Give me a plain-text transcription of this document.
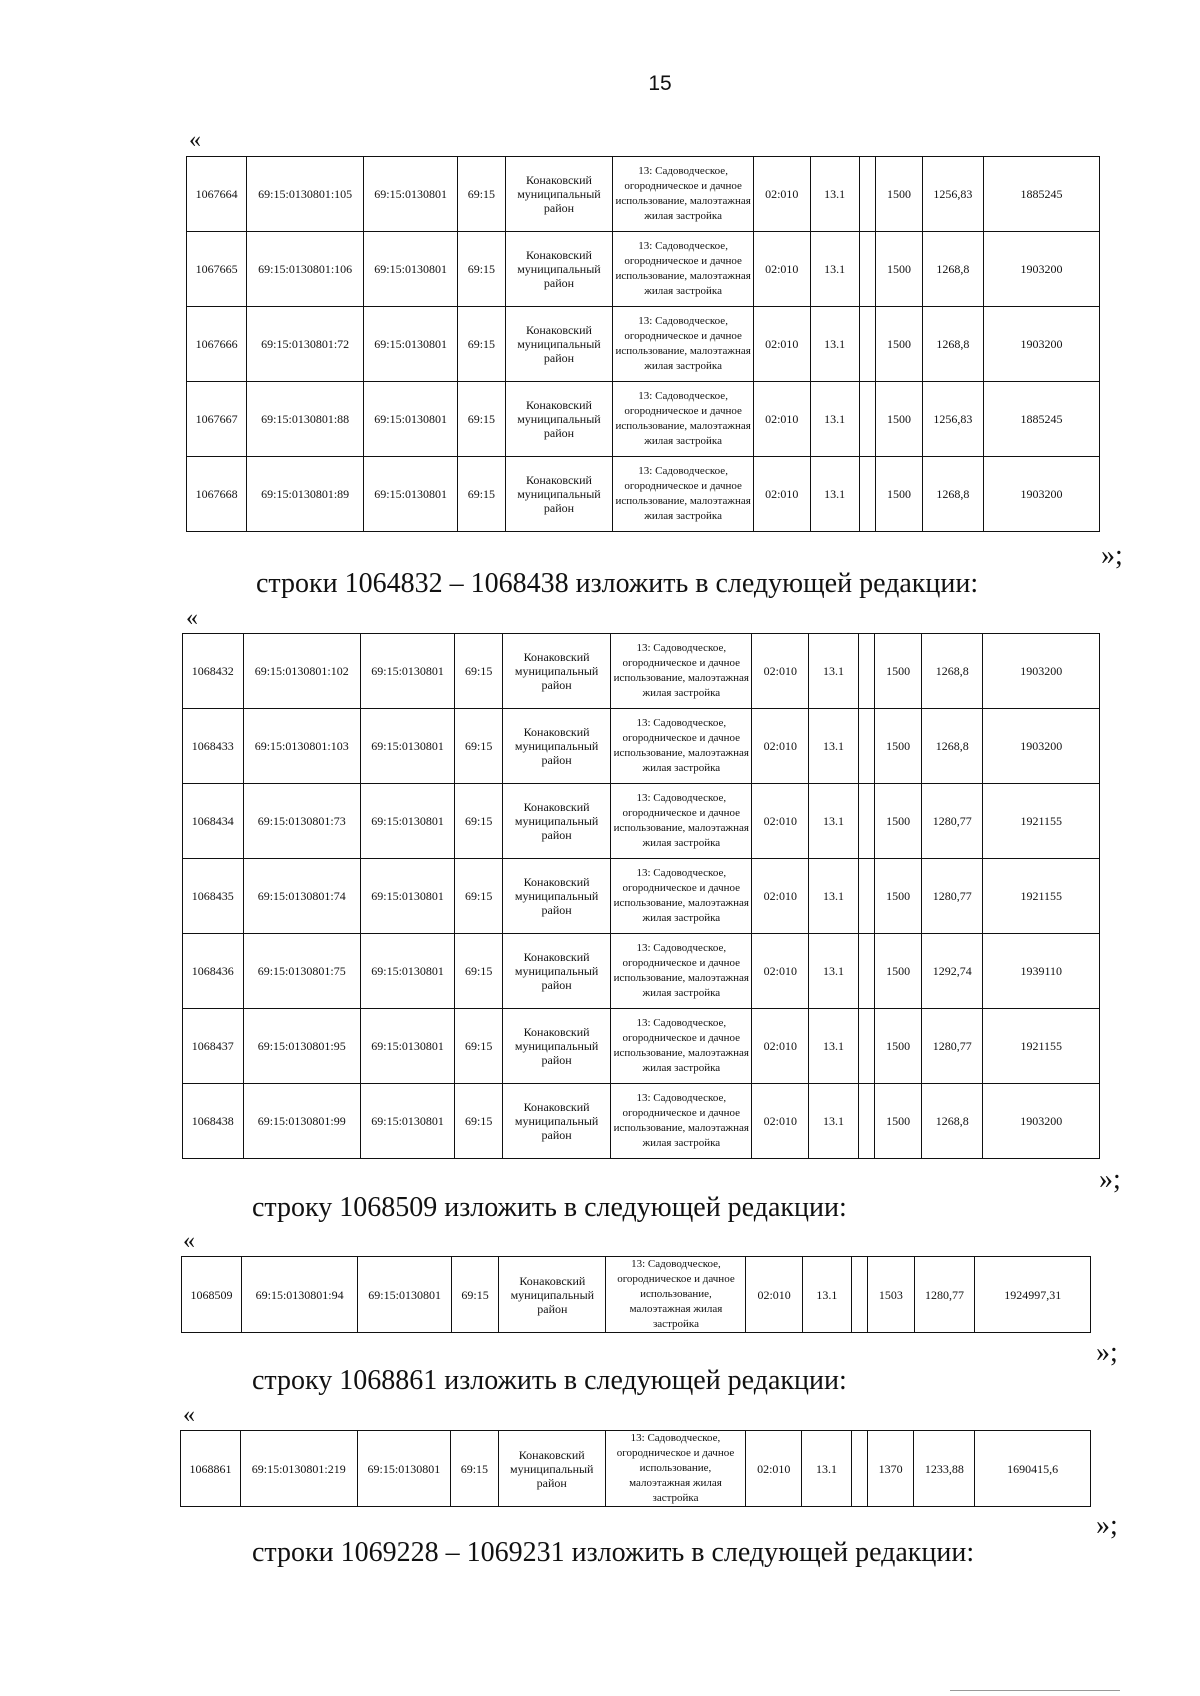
15
«
1067664	69:15:0130801:105	69:15:0130801	69:15	Конаковский муниципальный район	13: Садоводческое, огородническое и дачное использование, малоэтажная жилая застройка	02:010	13.1		1500	1256,83	1885245
1067665	69:15:0130801:106	69:15:0130801	69:15	Конаковский муниципальный район	13: Садоводческое, огородническое и дачное использование, малоэтажная жилая застройка	02:010	13.1		1500	1268,8	1903200
1067666	69:15:0130801:72	69:15:0130801	69:15	Конаковский муниципальный район	13: Садоводческое, огородническое и дачное использование, малоэтажная жилая застройка	02:010	13.1		1500	1268,8	1903200
1067667	69:15:0130801:88	69:15:0130801	69:15	Конаковский муниципальный район	13: Садоводческое, огородническое и дачное использование, малоэтажная жилая застройка	02:010	13.1		1500	1256,83	1885245
1067668	69:15:0130801:89	69:15:0130801	69:15	Конаковский муниципальный район	13: Садоводческое, огородническое и дачное использование, малоэтажная жилая застройка	02:010	13.1		1500	1268,8	1903200
»;
строки 1064832 – 1068438 изложить в следующей редакции:
«
1068432	69:15:0130801:102	69:15:0130801	69:15	Конаковский муниципальный район	13: Садоводческое, огородническое и дачное использование, малоэтажная жилая застройка	02:010	13.1		1500	1268,8	1903200
1068433	69:15:0130801:103	69:15:0130801	69:15	Конаковский муниципальный район	13: Садоводческое, огородническое и дачное использование, малоэтажная жилая застройка	02:010	13.1		1500	1268,8	1903200
1068434	69:15:0130801:73	69:15:0130801	69:15	Конаковский муниципальный район	13: Садоводческое, огородническое и дачное использование, малоэтажная жилая застройка	02:010	13.1		1500	1280,77	1921155
1068435	69:15:0130801:74	69:15:0130801	69:15	Конаковский муниципальный район	13: Садоводческое, огородническое и дачное использование, малоэтажная жилая застройка	02:010	13.1		1500	1280,77	1921155
1068436	69:15:0130801:75	69:15:0130801	69:15	Конаковский муниципальный район	13: Садоводческое, огородническое и дачное использование, малоэтажная жилая застройка	02:010	13.1		1500	1292,74	1939110
1068437	69:15:0130801:95	69:15:0130801	69:15	Конаковский муниципальный район	13: Садоводческое, огородническое и дачное использование, малоэтажная жилая застройка	02:010	13.1		1500	1280,77	1921155
1068438	69:15:0130801:99	69:15:0130801	69:15	Конаковский муниципальный район	13: Садоводческое, огородническое и дачное использование, малоэтажная жилая застройка	02:010	13.1		1500	1268,8	1903200
»;
строку 1068509 изложить в следующей редакции:
«
1068509	69:15:0130801:94	69:15:0130801	69:15	Конаковский муниципальный район	13: Садоводческое, огородническое и дачное использование, малоэтажная жилая застройка	02:010	13.1		1503	1280,77	1924997,31
»;
строку 1068861 изложить в следующей редакции:
«
1068861	69:15:0130801:219	69:15:0130801	69:15	Конаковский муниципальный район	13: Садоводческое, огородническое и дачное использование, малоэтажная жилая застройка	02:010	13.1		1370	1233,88	1690415,6
»;
строки 1069228 – 1069231 изложить в следующей редакции:
